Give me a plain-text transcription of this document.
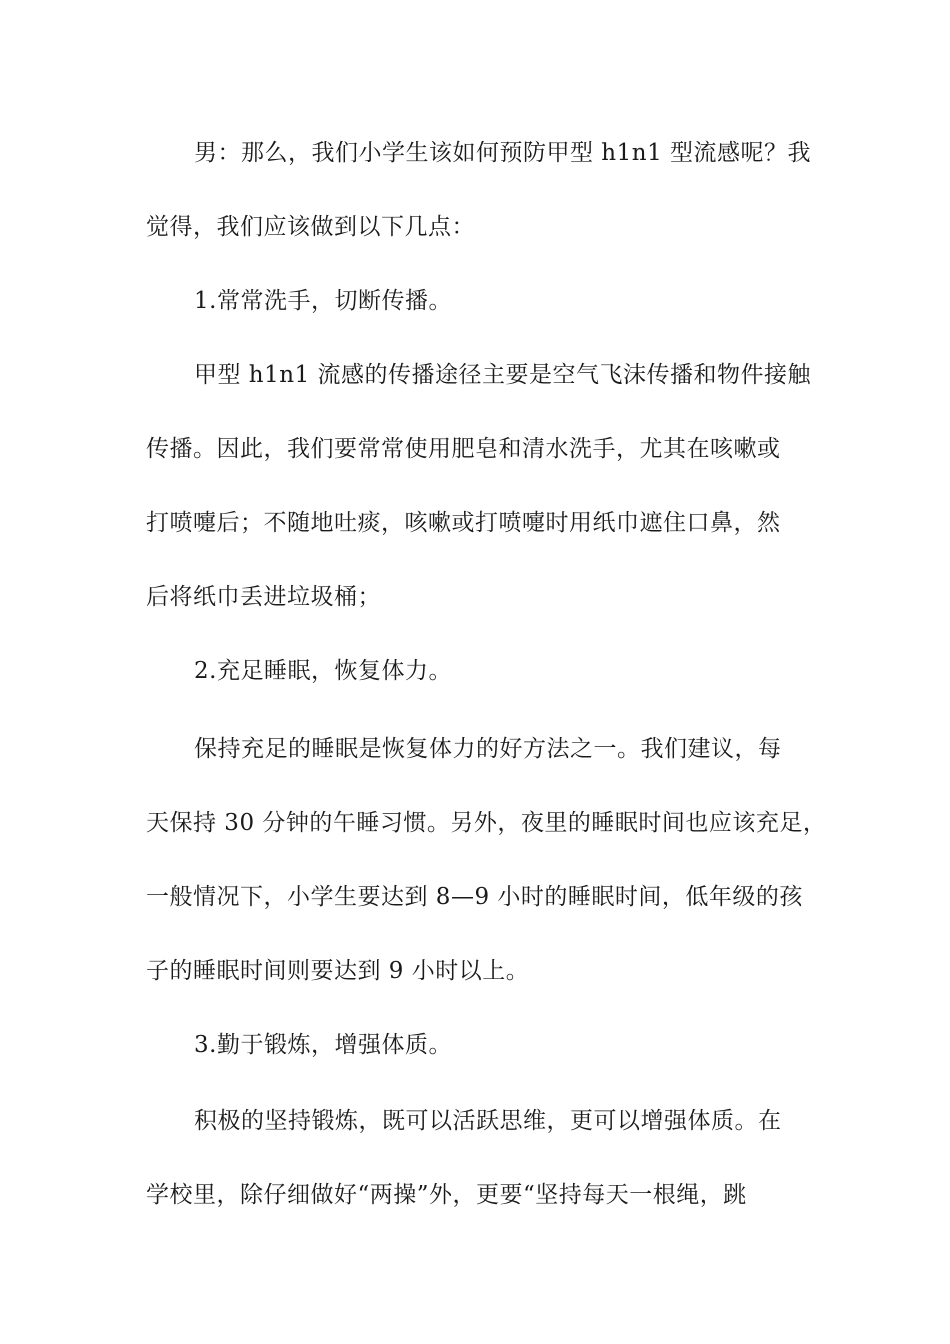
男：那么，我们小学生该如何预防甲型 h1n1 型流感呢？我
觉得，我们应该做到以下几点：
1.常常洗手，切断传播。
甲型 h1n1 流感的传播途径主要是空气飞沫传播和物件接触
传播。因此，我们要常常使用肥皂和清水洗手，尤其在咳嗽或
打喷嚏后；不随地吐痰，咳嗽或打喷嚏时用纸巾遮住口鼻，然
后将纸巾丢进垃圾桶；
2.充足睡眠，恢复体力。
保持充足的睡眠是恢复体力的好方法之一。我们建议，每
天保持 30 分钟的午睡习惯。另外，夜里的睡眠时间也应该充足，
一般情况下，小学生要达到 8—9 小时的睡眠时间，低年级的孩
子的睡眠时间则要达到 9 小时以上。
3.勤于锻炼，增强体质。
积极的坚持锻炼，既可以活跃思维，更可以增强体质。在
学校里，除仔细做好“两操”外，更要“坚持每天一根绳，跳
